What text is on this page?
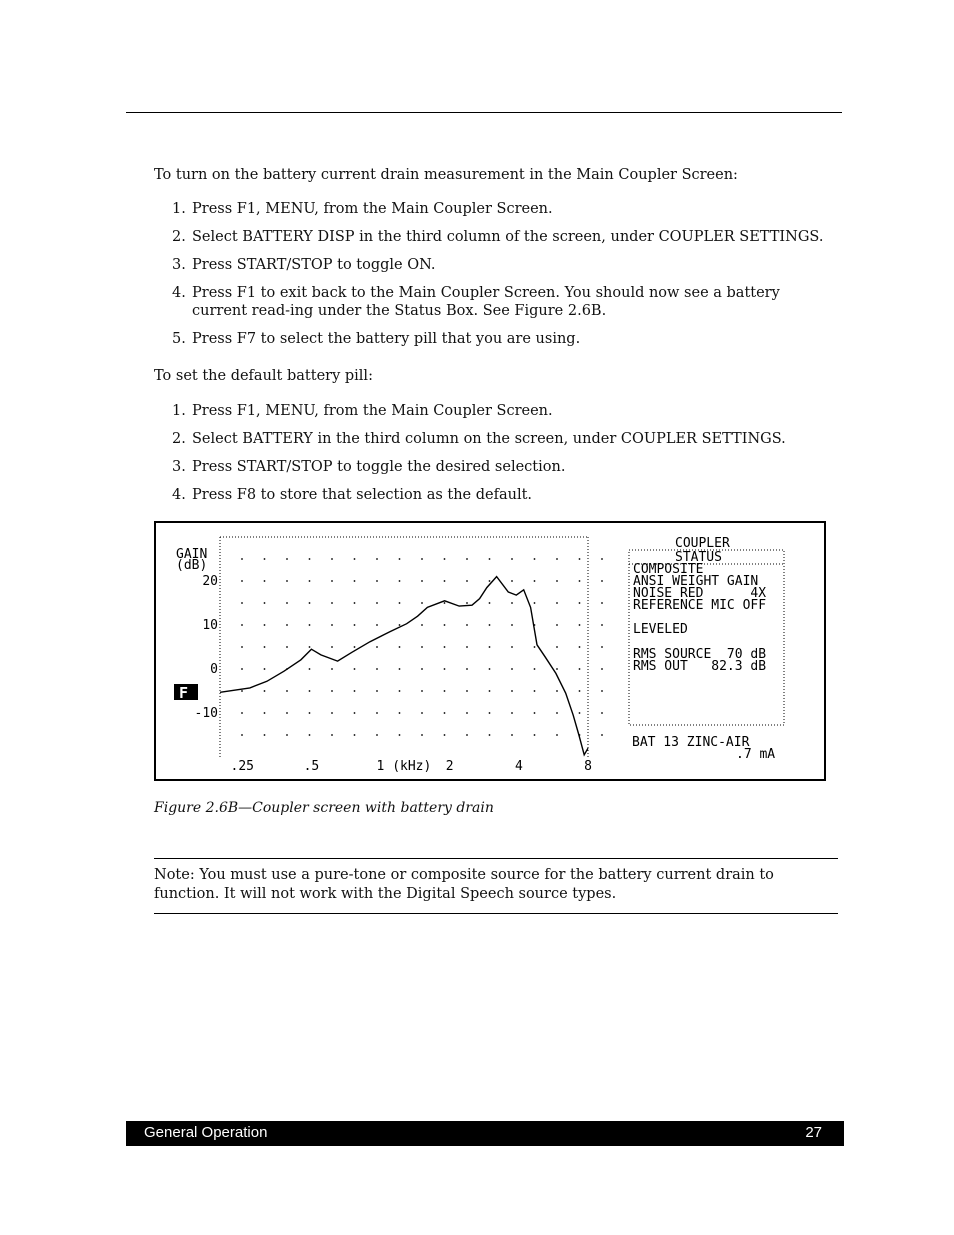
To turn on the battery current drain measurement in the Main Coupler Screen:

1. Press F1, MENU, from the Main Coupler Screen.
2. Select BATTERY DISP in the third column of the screen, under COUPLER SETTINGS.
3. Press START/STOP to toggle ON.
4. Press F1 to exit back to the Main Coupler Screen. You should now see a battery current read-ing under the Status Box. See Figure 2.6B.
5. Press F7 to select the battery pill that you are using.

To set the default battery pill:

1. Press F1, MENU, from the Main Coupler Screen.
2. Select BATTERY in the third column on the screen, under COUPLER SETTINGS.
3. Press START/STOP to toggle the desired selection.
4. Press F8 to store that selection as the default.
20
10
0
-10
.25	.5	1 (kHz) 2	4	8
GAIN
(dB)
F
COUPLER
STATUS
COMPOSITE
ANSI WEIGHT GAIN
NOISE RED      4X
REFERENCE MIC OFF
LEVELED
RMS SOURCE  70 dB
RMS OUT   82.3 dB
BAT 13 ZINC-AIR
.7 mA

Figure 2.6B—Coupler screen with battery drain

Note: You must use a pure-tone or composite source for the battery current drain to function. It will not work with the Digital Speech source types.

General Operation	27
